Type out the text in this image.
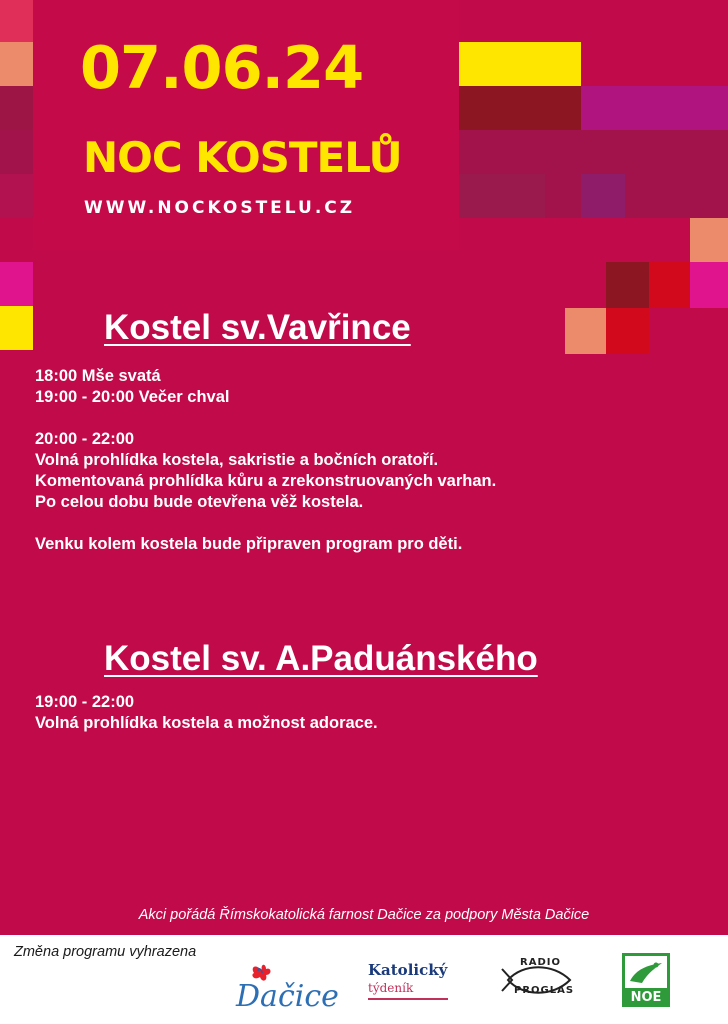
07.06.24
NOC KOSTELŮ
WWW.NOCKOSTELU.CZ
Kostel sv.Vavřince
18:00 Mše svatá
19:00 - 20:00 Večer chval
20:00 - 22:00
Volná prohlídka kostela, sakristie a bočních oratoří.
Komentovaná prohlídka kůru a zrekonstruovaných varhan.
Po celou dobu bude otevřena věž kostela.
Venku kolem kostela bude připraven program pro děti.
Kostel sv. A.Paduánského
19:00 - 22:00
Volná prohlídka kostela a možnost adorace.
Akci pořádá Římskokatolická farnost Dačice za podpory Města Dačice
Změna programu vyhrazena
Dačice
Katolický
týdeník
RADIO
PROGLAS	NOE
